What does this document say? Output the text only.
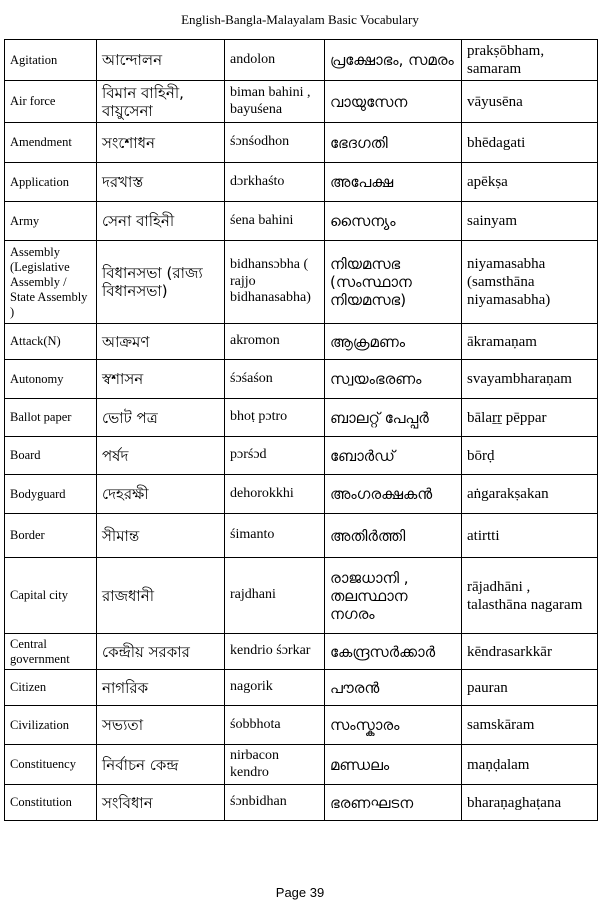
English-Bangla-Malayalam Basic Vocabulary
Agitation	আন্দোলন	andolon	പ്രക്ഷോഭം, സമരം	prakṣōbham, samaram
Air force	বিমান বাহিনী, বায়ুসেনা	biman bahini , bayuśena	വായുസേന	vāyusēna
Amendment	সংশোধন	śɔnśodhon	ഭേദഗതി	bhēdagati
Application	দরখাস্ত	dɔrkhaśto	അപേക്ഷ	apēkṣa
Army	সেনা বাহিনী	śena bahini	സൈന്യം	sainyam
Assembly (Legislative Assembly / State Assembly )	বিধানসভা (রাজ্য বিধানসভা)	bidhansɔbha ( rajjo bidhanasabha)	നിയമസഭ (സംസ്ഥാന നിയമസഭ)	niyamasabha (samsthāna niyamasabha)
Attack(N)	আক্রমণ	akromon	ആക്രമണം	ākramaṇam
Autonomy	স্বশাসন	śɔśaśon	സ്വയംഭരണം	svayambharaṇam
Ballot paper	ভোট পত্র	bhoṭ pɔtro	ബാലറ്റ് പേപ്പർ	bālaṟṟ pēppar
Board	পর্ষদ	pɔrśɔd	ബോർഡ്	bōrḍ
Bodyguard	দেহরক্ষী	dehorokkhi	അംഗരക്ഷകൻ	aṅgarakṣakan
Border	সীমান্ত	śimanto	അതിർത്തി	atirtti
Capital city	রাজধানী	rajdhani	രാജധാനി , തലസ്ഥാന നഗരം	rājadhāni , talasthāna nagaram
Central government	কেন্দ্রীয় সরকার	kendrio śɔrkar	കേന്ദ്രസർക്കാർ	kēndrasarkkār
Citizen	নাগরিক	nagorik	പൗരൻ	pauran
Civilization	সভ্যতা	śobbhota	സംസ്കാരം	samskāram
Constituency	নির্বাচন কেন্দ্র	nirbacon kendro	മണ്ഡലം	maṇḍalam
Constitution	সংবিধান	śɔnbidhan	ഭരണഘടന	bharaṇaghaṭana
Page 39
